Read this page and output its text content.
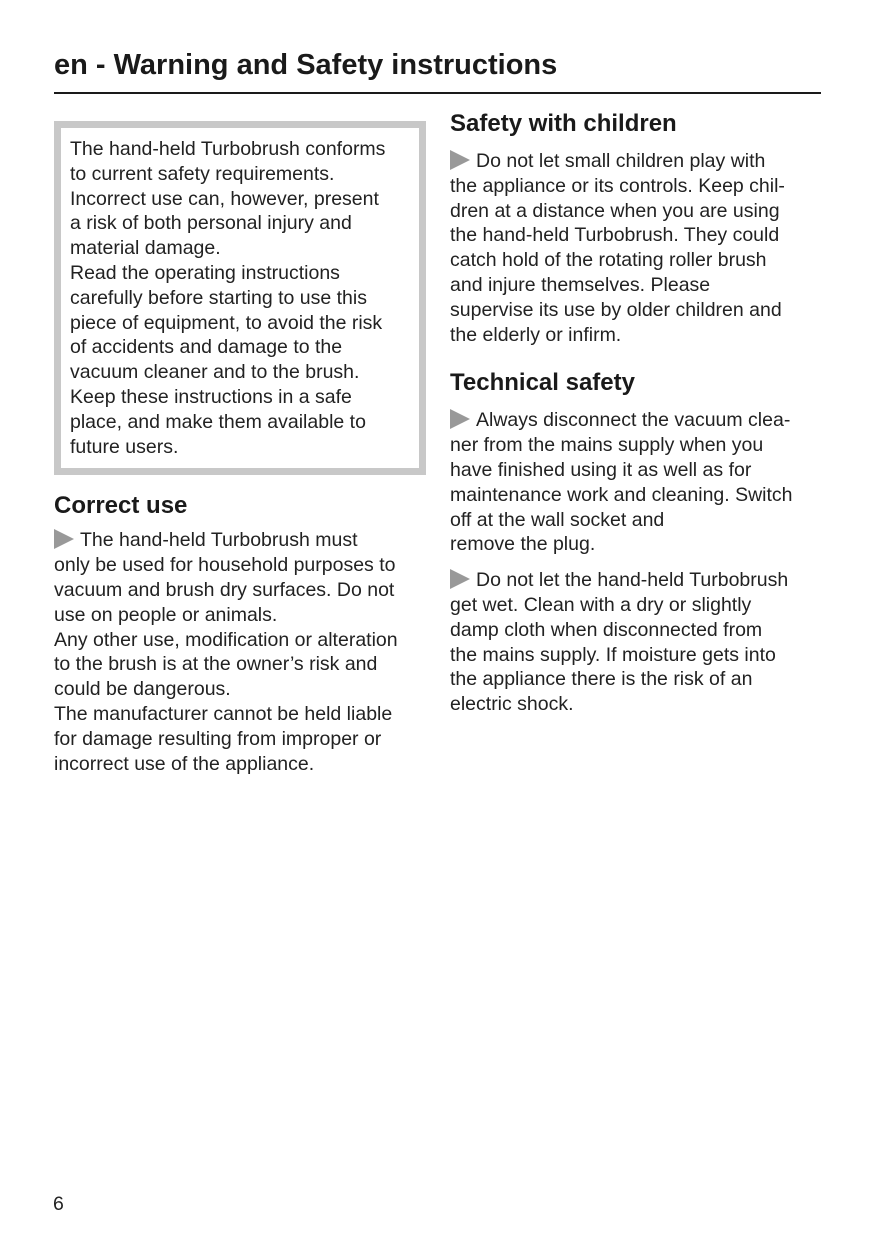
en - Warning and Safety instructions

The hand-held Turbobrush conforms

to current safety requirements.

Incorrect use can, however, present

a risk of both personal injury and

material damage.

Read the operating instructions

carefully before starting to use this

piece of equipment, to avoid the risk

of accidents and damage to the

vacuum cleaner and to the brush.

Keep these instructions in a safe

place, and make them available to

future users.

Correct use
The hand-held Turbobrush must
only be used for household purposes to
vacuum and brush dry surfaces. Do not
use on people or animals.
Any other use, modification or alteration
to the brush is at the owner’s risk and
could be dangerous.
The manufacturer cannot be held liable
for damage resulting from improper or
incorrect use of the appliance.
Safety with children
Do not let small children play with
the appliance or its controls. Keep chil-
dren at a distance when you are using
the hand-held Turbobrush. They could
catch hold of the rotating roller brush
and injure themselves. Please
supervise its use by older children and
the elderly or infirm.
Technical safety
Always disconnect the vacuum clea-
ner from the mains supply when you
have finished using it as well as for
maintenance work and cleaning. Switch
off at the wall socket and
remove the plug.
Do not let the hand-held Turbobrush
get wet. Clean with a dry or slightly
damp cloth when disconnected from
the mains supply. If moisture gets into
the appliance there is the risk of an
electric shock.
6
